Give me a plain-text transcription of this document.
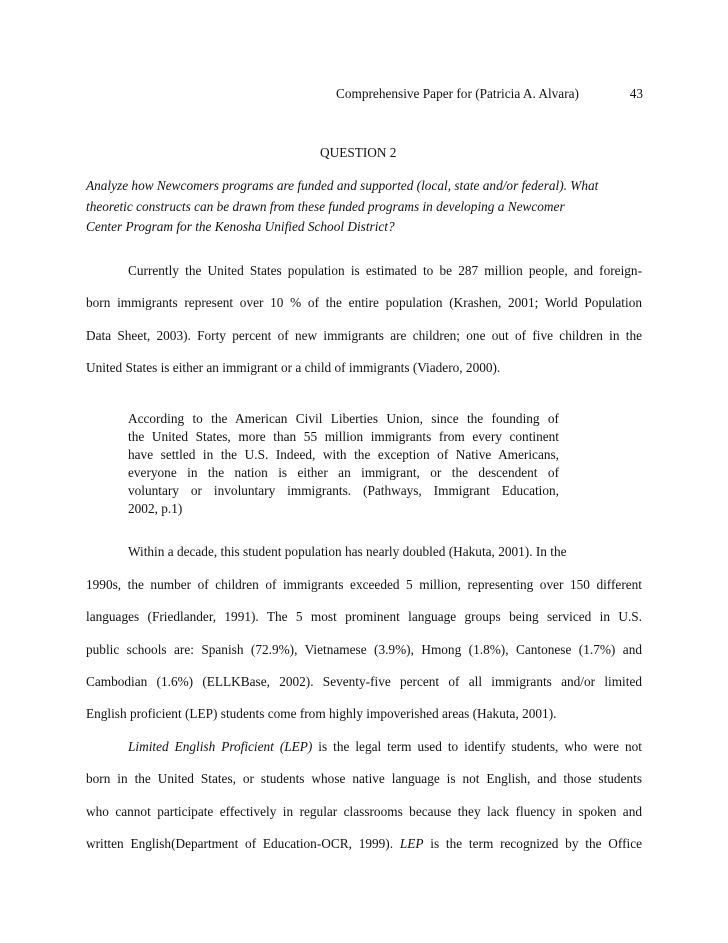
Comprehensive Paper for (Patricia A. Alvara)	43
QUESTION 2
Analyze how Newcomers programs are funded and supported (local, state and/or federal). What
theoretic constructs can be drawn from these funded programs in developing a Newcomer
Center Program for the Kenosha Unified School District?
Currently the United States population is estimated to be 287 million people, and foreign-
born immigrants represent over 10 % of the entire population (Krashen, 2001; World Population
Data Sheet, 2003). Forty percent of new immigrants are children; one out of five children in the
United States is either an immigrant or a child of immigrants (Viadero, 2000).
According to the American Civil Liberties Union, since the founding of
the United States, more than 55 million immigrants from every continent
have settled in the U.S. Indeed, with the exception of Native Americans,
everyone in the nation is either an immigrant, or the descendent of
voluntary or involuntary immigrants. (Pathways, Immigrant Education,
2002, p.1)
Within a decade, this student population has nearly doubled (Hakuta, 2001). In the
1990s, the number of children of immigrants exceeded 5 million, representing over 150 different
languages (Friedlander, 1991). The 5 most prominent language groups being serviced in U.S.
public schools are: Spanish (72.9%), Vietnamese (3.9%), Hmong (1.8%), Cantonese (1.7%) and
Cambodian (1.6%) (ELLKBase, 2002). Seventy-five percent of all immigrants and/or limited
English proficient (LEP) students come from highly impoverished areas (Hakuta, 2001).
Limited English Proficient (LEP) is the legal term used to identify students, who were not
born in the United States, or students whose native language is not English, and those students
who cannot participate effectively in regular classrooms because they lack fluency in spoken and
written English(Department of Education-OCR, 1999). LEP is the term recognized by the Office
